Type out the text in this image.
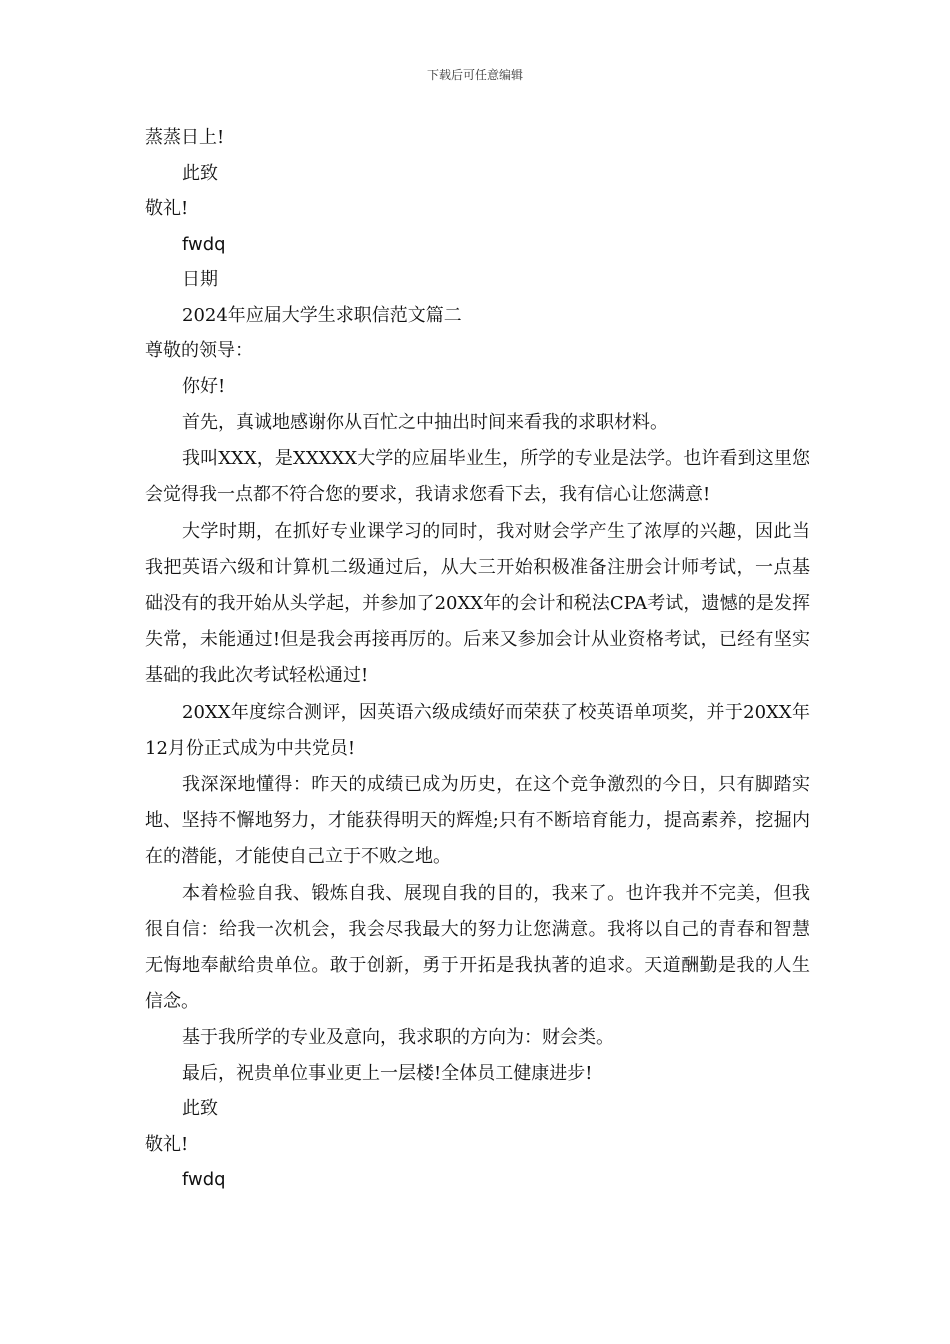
下载后可任意编辑
蒸蒸日上!
此致
敬礼!
fwdq
日期
2024年应届大学生求职信范文篇二
尊敬的领导：
你好!

首先，真诚地感谢你从百忙之中抽出时间来看我的求职材料。

我叫XXX，是XXXXX大学的应届毕业生，所学的专业是法学。也许看到这里您会觉得我一点都不符合您的要求，我请求您看下去，我有信心让您满意!

大学时期，在抓好专业课学习的同时，我对财会学产生了浓厚的兴趣，因此当我把英语六级和计算机二级通过后，从大三开始积极准备注册会计师考试，一点基础没有的我开始从头学起，并参加了20XX年的会计和税法CPA考试，遗憾的是发挥失常，未能通过!但是我会再接再厉的。后来又参加会计从业资格考试，已经有坚实基础的我此次考试轻松通过!

20XX年度综合测评，因英语六级成绩好而荣获了校英语单项奖，并于20XX年12月份正式成为中共党员!

我深深地懂得：昨天的成绩已成为历史，在这个竞争激烈的今日，只有脚踏实地、坚持不懈地努力，才能获得明天的辉煌;只有不断培育能力，提高素养，挖掘内在的潜能，才能使自己立于不败之地。

本着检验自我、锻炼自我、展现自我的目的，我来了。也许我并不完美，但我很自信：给我一次机会，我会尽我最大的努力让您满意。我将以自己的青春和智慧无悔地奉献给贵单位。敢于创新，勇于开拓是我执著的追求。天道酬勤是我的人生信念。

基于我所学的专业及意向，我求职的方向为：财会类。
最后，祝贵单位事业更上一层楼!全体员工健康进步!
此致
敬礼!
fwdq
